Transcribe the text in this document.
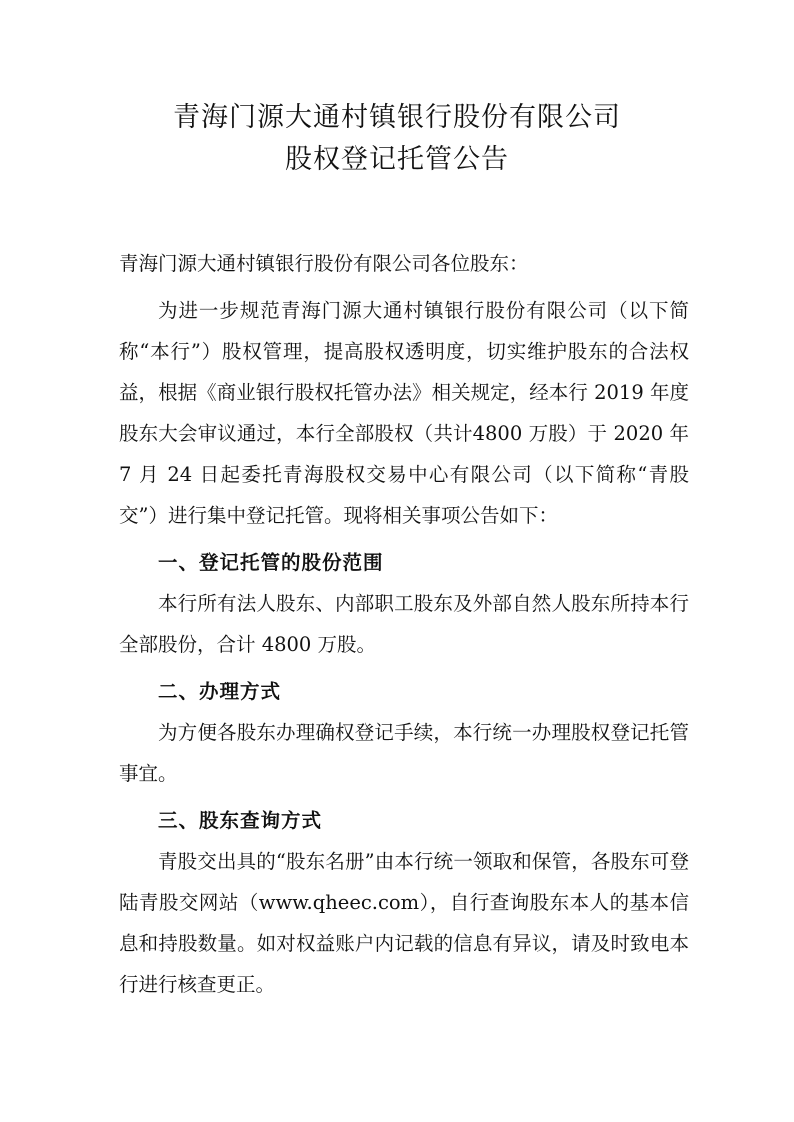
青海门源大通村镇银行股份有限公司
股权登记托管公告

青海门源大通村镇银行股份有限公司各位股东：

为进一步规范青海门源大通村镇银行股份有限公司（以下简称“本行”）股权管理，提高股权透明度，切实维护股东的合法权益，根据《商业银行股权托管办法》相关规定，经本行 2019 年度股东大会审议通过，本行全部股权（共计4800 万股）于 2020 年 7 月 24 日起委托青海股权交易中心有限公司（以下简称“青股交”）进行集中登记托管。现将相关事项公告如下：

一、登记托管的股份范围

本行所有法人股东、内部职工股东及外部自然人股东所持本行全部股份，合计 4800 万股。

二、办理方式

为方便各股东办理确权登记手续，本行统一办理股权登记托管事宜。

三、股东查询方式

青股交出具的“股东名册”由本行统一领取和保管，各股东可登陆青股交网站（www.qheec.com），自行查询股东本人的基本信息和持股数量。如对权益账户内记载的信息有异议，请及时致电本行进行核查更正。
